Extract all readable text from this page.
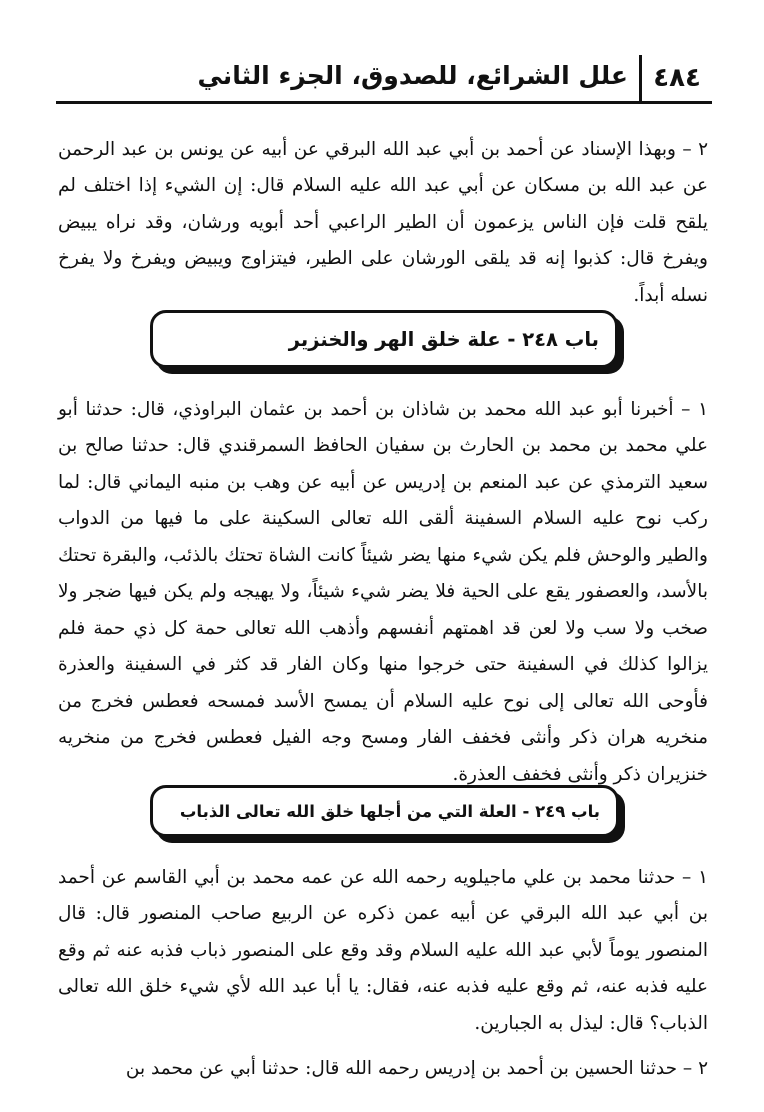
٤٨٤
علل الشرائع، للصدوق، الجزء الثاني

٢ – وبهذا الإسناد عن أحمد بن أبي عبد الله البرقي عن أبيه عن يونس بن عبد الرحمن عن عبد الله بن مسكان عن أبي عبد الله عليه السلام قال: إن الشيء إذا اختلف لم يلقح قلت فإن الناس يزعمون أن الطير الراعبي أحد أبويه ورشان، وقد نراه يبيض ويفرخ قال: كذبوا إنه قد يلقى الورشان على الطير، فيتزاوج ويبيض ويفرخ ولا يفرخ نسله أبداً.

باب ٢٤٨ - علة خلق الهر والخنزير

١ – أخبرنا أبو عبد الله محمد بن شاذان بن أحمد بن عثمان البراوذي، قال: حدثنا أبو علي محمد بن محمد بن الحارث بن سفيان الحافظ السمرقندي قال: حدثنا صالح بن سعيد الترمذي عن عبد المنعم بن إدريس عن أبيه عن وهب بن منبه اليماني قال: لما ركب نوح عليه السلام السفينة ألقى الله تعالى السكينة على ما فيها من الدواب والطير والوحش فلم يكن شيء منها يضر شيئاً كانت الشاة تحتك بالذئب، والبقرة تحتك بالأسد، والعصفور يقع على الحية فلا يضر شيء شيئاً، ولا يهيجه ولم يكن فيها ضجر ولا صخب ولا سب ولا لعن قد اهمتهم أنفسهم وأذهب الله تعالى حمة كل ذي حمة فلم يزالوا كذلك في السفينة حتى خرجوا منها وكان الفار قد كثر في السفينة والعذرة فأوحى الله تعالى إلى نوح عليه السلام أن يمسح الأسد فمسحه فعطس فخرج من منخريه هران ذكر وأنثى فخفف الفار ومسح وجه الفيل فعطس فخرج من منخريه خنزيران ذكر وأنثى فخفف العذرة.

باب ٢٤٩ - العلة التي من أجلها خلق الله تعالى الذباب

١ – حدثنا محمد بن علي ماجيلويه رحمه الله عن عمه محمد بن أبي القاسم عن أحمد بن أبي عبد الله البرقي عن أبيه عمن ذكره عن الربيع صاحب المنصور قال: قال المنصور يوماً لأبي عبد الله عليه السلام وقد وقع على المنصور ذباب فذبه عنه ثم وقع عليه فذبه عنه، ثم وقع عليه فذبه عنه، فقال: يا أبا عبد الله لأي شيء خلق الله تعالى الذباب؟ قال: ليذل به الجبارين.

٢ – حدثنا الحسين بن أحمد بن إدريس رحمه الله قال: حدثنا أبي عن محمد بن
